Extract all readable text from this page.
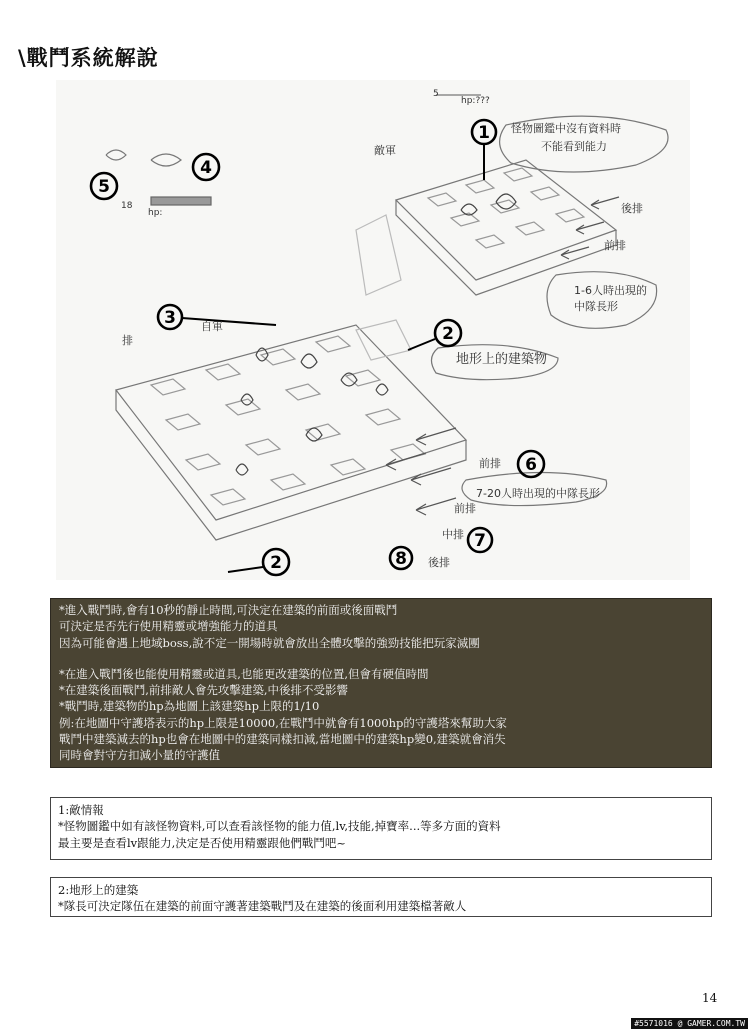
\戰鬥系統解說
1
2
3
4
5
6
7
2	8
怪物圖鑑中沒有資料時
不能看到能力
敵軍
後排
前排
1-6人時出現的
中隊長形
地形上的建築物
前排
7-20人時出現的中隊長形
前排
中排
後排
排
自軍
hp:???
hp:
18
5
*進入戰鬥時,會有10秒的靜止時間,可決定在建築的前面或後面戰鬥
可決定是否先行使用精靈或增強能力的道具
因為可能會遇上地域boss,說不定一開場時就會放出全體攻擊的強勁技能把玩家滅團
*在進入戰鬥後也能使用精靈或道具,也能更改建築的位置,但會有硬值時間
*在建築後面戰鬥,前排敵人會先攻擊建築,中後排不受影響
*戰鬥時,建築物的hp為地圖上該建築hp上限的1/10
例:在地圖中守護塔表示的hp上限是10000,在戰鬥中就會有1000hp的守護塔來幫助大家
戰鬥中建築減去的hp也會在地圖中的建築同樣扣減,當地圖中的建築hp變0,建築就會消失
同時會對守方扣減小量的守護值
1:敵情報
*怪物圖鑑中如有該怪物資料,可以查看該怪物的能力值,lv,技能,掉寶率...等多方面的資料
最主要是查看lv跟能力,決定是否使用精靈跟他們戰鬥吧~
2:地形上的建築
*隊長可決定隊伍在建築的前面守護著建築戰鬥及在建築的後面利用建築檔著敵人
14
#5571016 @ GAMER.COM.TW
